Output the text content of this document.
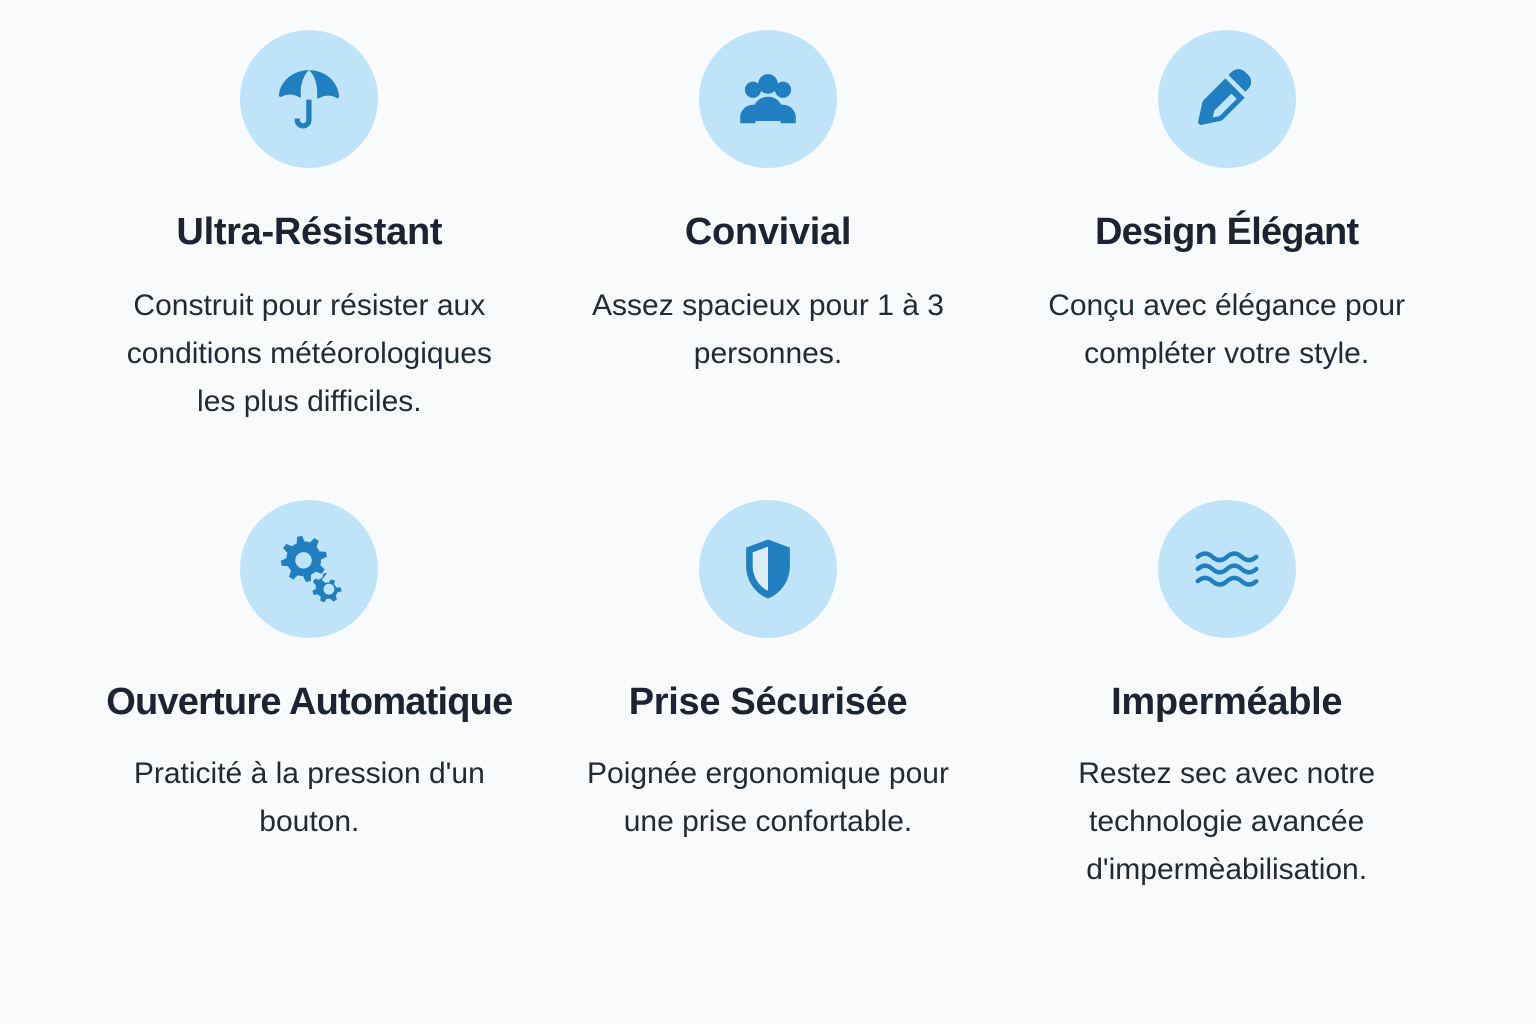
Ultra-Résistant
Construit pour résister aux conditions météorologiques les plus difficiles.
Convivial
Assez spacieux pour 1 à 3 personnes.
Design Élégant
Conçu avec élégance pour compléter votre style.
Ouverture Automatique
Praticité à la pression d'un bouton.
Prise Sécurisée
Poignée ergonomique pour une prise confortable.
Imperméable
Restez sec avec notre technologie avancée d'impermèabilisation.
